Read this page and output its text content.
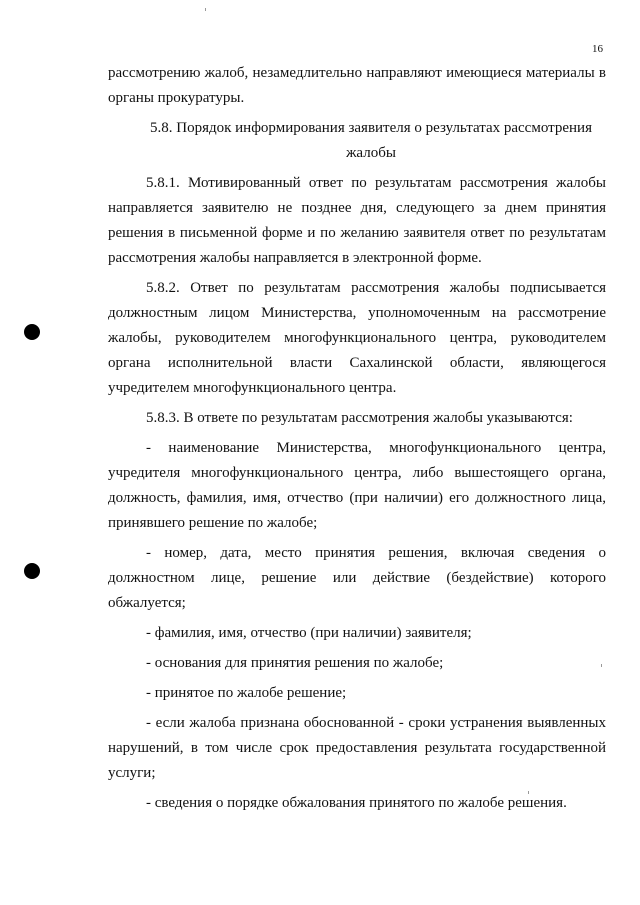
16

рассмотрению жалоб, незамедлительно направляют имеющиеся материалы в органы прокуратуры.

5.8. Порядок информирования заявителя о результатах рассмотрения жалобы

5.8.1. Мотивированный ответ по результатам рассмотрения жалобы направляется заявителю не позднее дня, следующего за днем принятия решения в письменной форме и по желанию заявителя ответ по результатам рассмотрения жалобы направляется в электронной форме.

5.8.2. Ответ по результатам рассмотрения жалобы подписывается должностным лицом Министерства, уполномоченным на рассмотрение жалобы, руководителем многофункционального центра, руководителем органа исполнительной власти Сахалинской области, являющегося учредителем многофункционального центра.

5.8.3. В ответе по результатам рассмотрения жалобы указываются:

- наименование Министерства, многофункционального центра, учредителя многофункционального центра, либо вышестоящего органа, должность, фамилия, имя, отчество (при наличии) его должностного лица, принявшего решение по жалобе;

- номер, дата, место принятия решения, включая сведения о должностном лице, решение или действие (бездействие) которого обжалуется;

- фамилия, имя, отчество (при наличии) заявителя;

- основания для принятия решения по жалобе;

- принятое по жалобе решение;

- если жалоба признана обоснованной - сроки устранения выявленных нарушений, в том числе срок предоставления результата государственной услуги;

- сведения о порядке обжалования принятого по жалобе решения.
